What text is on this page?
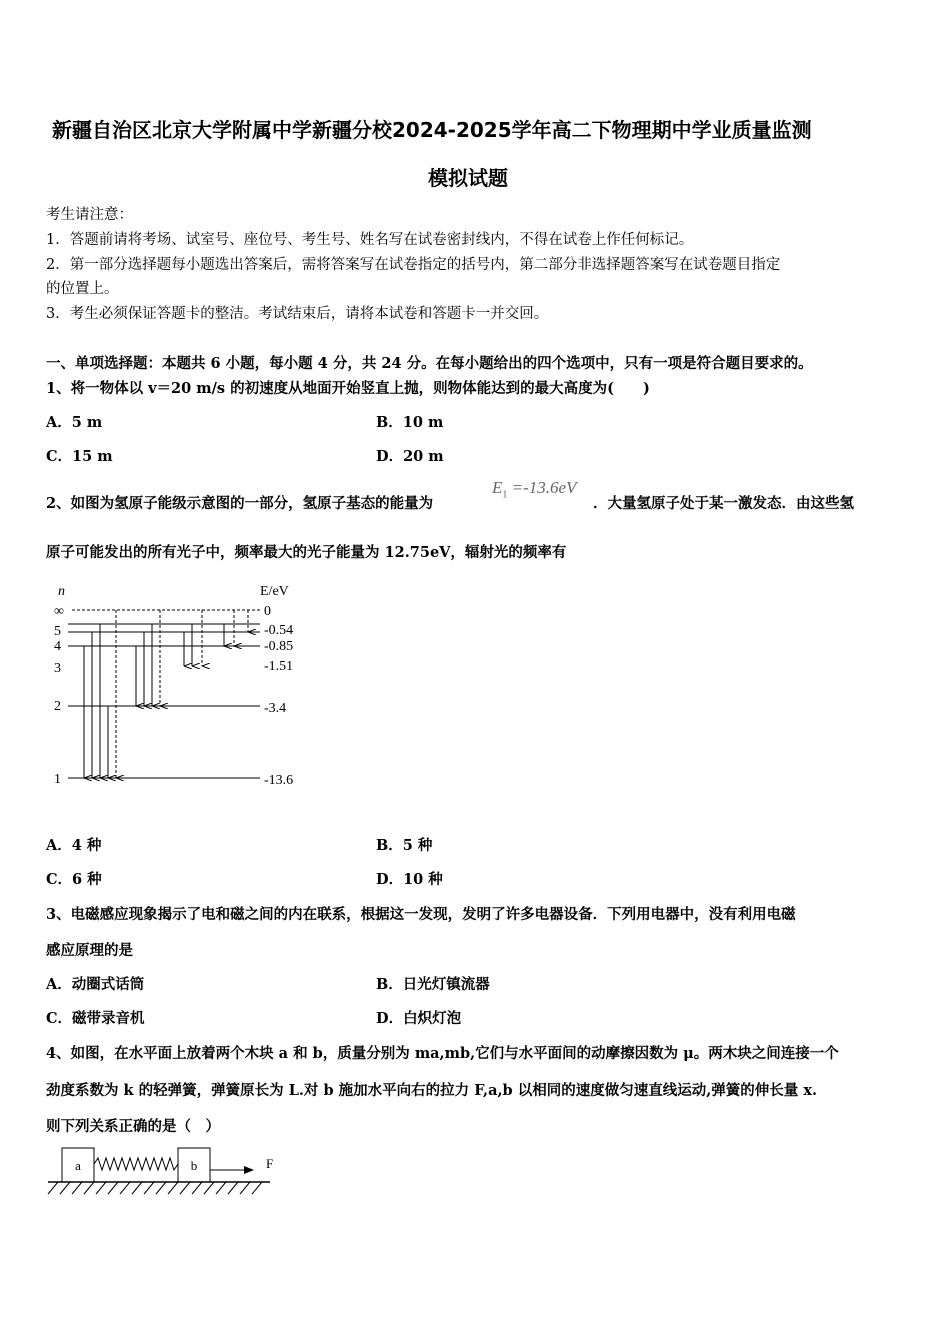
新疆自治区北京大学附属中学新疆分校2024-2025学年高二下物理期中学业质量监测
模拟试题
考生请注意：
1．答题前请将考场、试室号、座位号、考生号、姓名写在试卷密封线内，不得在试卷上作任何标记。
2．第一部分选择题每小题选出答案后，需将答案写在试卷指定的括号内，第二部分非选择题答案写在试卷题目指定
的位置上。
3．考生必须保证答题卡的整洁。考试结束后，请将本试卷和答题卡一并交回。
一、单项选择题：本题共 6 小题，每小题 4 分，共 24 分。在每小题给出的四个选项中，只有一项是符合题目要求的。
1、将一物体以 v＝20 m/s 的初速度从地面开始竖直上抛，则物体能达到的最大高度为(　　)
A．5 m	B．10 m
C．15 m	D．20 m
2、如图为氢原子能级示意图的一部分，氢原子基态的能量为
$E_1 =-13.6eV$
．大量氢原子处于某一激发态．由这些氢
原子可能发出的所有光子中，频率最大的光子能量为 12.75eV，辐射光的频率有
n	E/eV
∞
5
4
3
2
1
0
-0.54
-0.85
-1.51
-3.4
-13.6
A．4 种	B．5 种
C．6 种	D．10 种
3、电磁感应现象揭示了电和磁之间的内在联系，根据这一发现，发明了许多电器设备．下列用电器中，没有利用电磁
感应原理的是
A．动圈式话筒	B．日光灯镇流器
C．磁带录音机	D．白炽灯泡
4、如图，在水平面上放着两个木块 a 和 b，质量分别为 ma,mb,它们与水平面间的动摩擦因数为 μ。两木块之间连接一个
劲度系数为 k 的轻弹簧，弹簧原长为 L.对 b 施加水平向右的拉力 F,a,b 以相同的速度做匀速直线运动,弹簧的伸长量 x.
则下列关系正确的是（　）
a	b	F
